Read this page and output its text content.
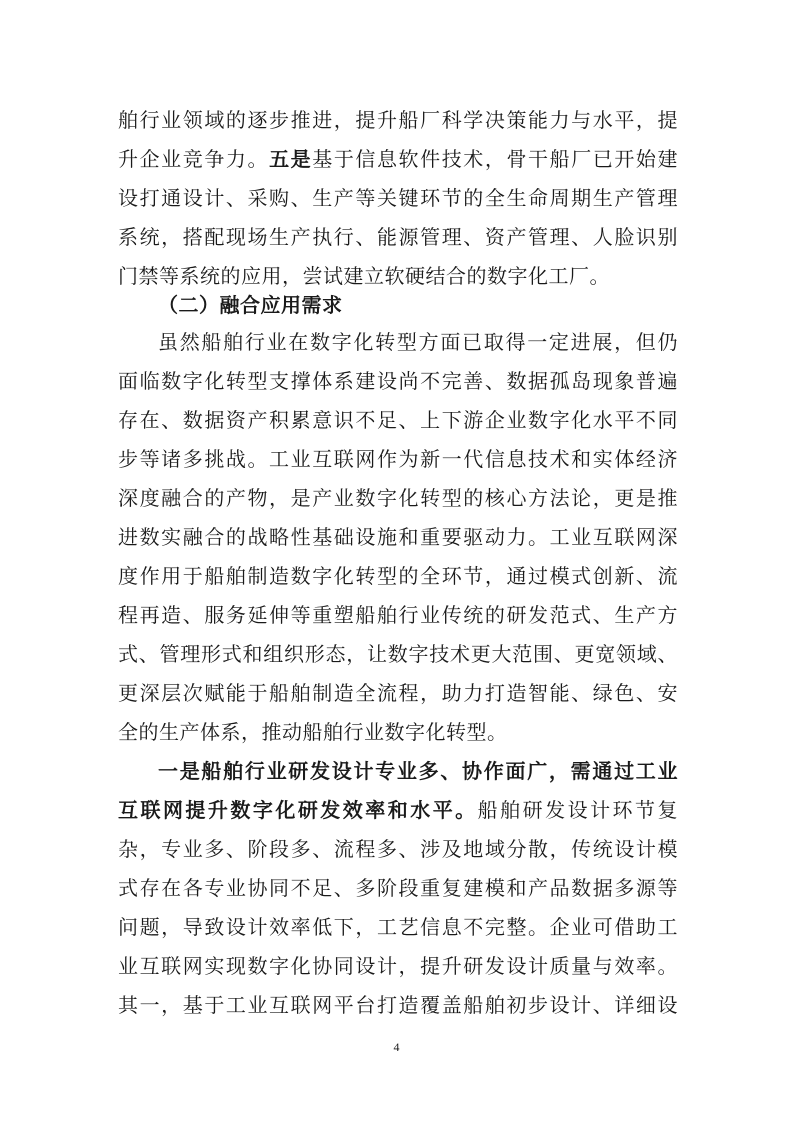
舶行业领域的逐步推进，提升船厂科学决策能力与水平，提
升企业竞争力。五是基于信息软件技术，骨干船厂已开始建
设打通设计、采购、生产等关键环节的全生命周期生产管理
系统，搭配现场生产执行、能源管理、资产管理、人脸识别
门禁等系统的应用，尝试建立软硬结合的数字化工厂。
（二）融合应用需求
虽然船舶行业在数字化转型方面已取得一定进展，但仍
面临数字化转型支撑体系建设尚不完善、数据孤岛现象普遍
存在、数据资产积累意识不足、上下游企业数字化水平不同
步等诸多挑战。工业互联网作为新一代信息技术和实体经济
深度融合的产物，是产业数字化转型的核心方法论，更是推
进数实融合的战略性基础设施和重要驱动力。工业互联网深
度作用于船舶制造数字化转型的全环节，通过模式创新、流
程再造、服务延伸等重塑船舶行业传统的研发范式、生产方
式、管理形式和组织形态，让数字技术更大范围、更宽领域、
更深层次赋能于船舶制造全流程，助力打造智能、绿色、安
全的生产体系，推动船舶行业数字化转型。
一是船舶行业研发设计专业多、协作面广，需通过工业
互联网提升数字化研发效率和水平。船舶研发设计环节复
杂，专业多、阶段多、流程多、涉及地域分散，传统设计模
式存在各专业协同不足、多阶段重复建模和产品数据多源等
问题，导致设计效率低下，工艺信息不完整。企业可借助工
业互联网实现数字化协同设计，提升研发设计质量与效率。
其一，基于工业互联网平台打造覆盖船舶初步设计、详细设
4
